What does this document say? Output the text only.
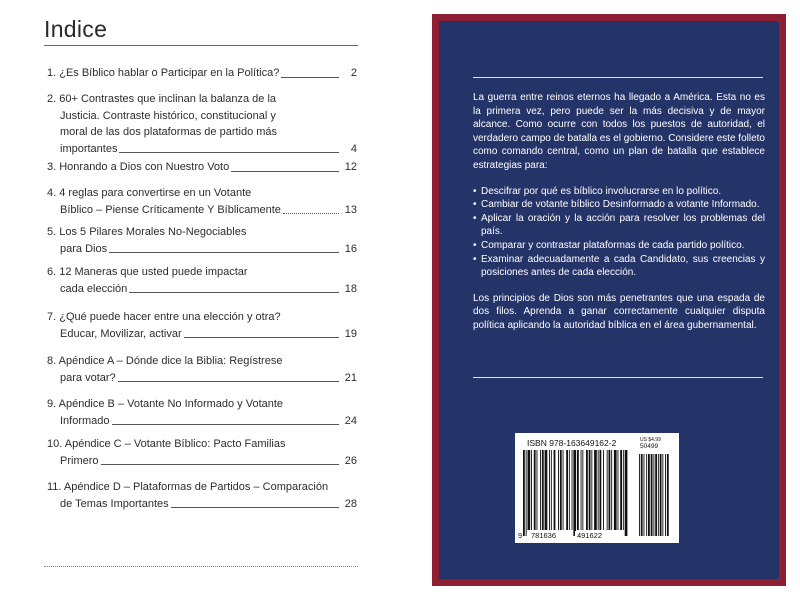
Indice
1. ¿Es Bíblico hablar o Participar en la Política?	2
2. 60+ Contrastes que inclinan la balanza de la
Justicia. Contraste histórico, constitucional y
moral de las dos plataformas de partido más
importantes	4
3. Honrando a Dios con Nuestro Voto	12
4. 4 reglas para convertirse en un Votante
Bíblico – Piense Críticamente Y Bíblicamente	13
5. Los 5 Pilares Morales No-Negociables
para Dios	16
6. 12 Maneras que usted puede impactar
cada elección	18
7. ¿Qué puede hacer entre una elección y otra?
Educar, Movilizar, activar	19
8. Apéndice A – Dónde dice la Biblia: Regístrese
para votar?	21
9. Apéndice B – Votante No Informado y Votante
Informado	24
10. Apéndice C – Votante Bíblico: Pacto Familias
Primero	26
11. Apéndice D – Plataformas de Partidos – Comparación
de Temas Importantes	28

La guerra entre reinos eternos ha llegado a América. Esta no es la primera vez, pero puede ser la más decisiva y de mayor alcance. Como ocurre con todos los puestos de autoridad, el verdadero campo de batalla es el gobierno. Considere este folleto como comando central, como un plan de batalla que establece estrategias para:

• Descifrar por qué es bíblico involucrarse en lo político.
• Cambiar de votante bíblico Desinformado a votante Informado.
• Aplicar la oración y la acción para resolver los problemas del país.
• Comparar y contrastar plataformas de cada partido político.
• Examinar adecuadamente a cada Candidato, sus creencias y posiciones antes de cada elección.

Los principios de Dios son más penetrantes que una espada de dos filos. Aprenda a ganar correctamente cualquier disputa política aplicando la autoridad bíblica en el área gubernamental.

ISBN 978-163649162-2	US $4.99
50499
9 781636	491622
